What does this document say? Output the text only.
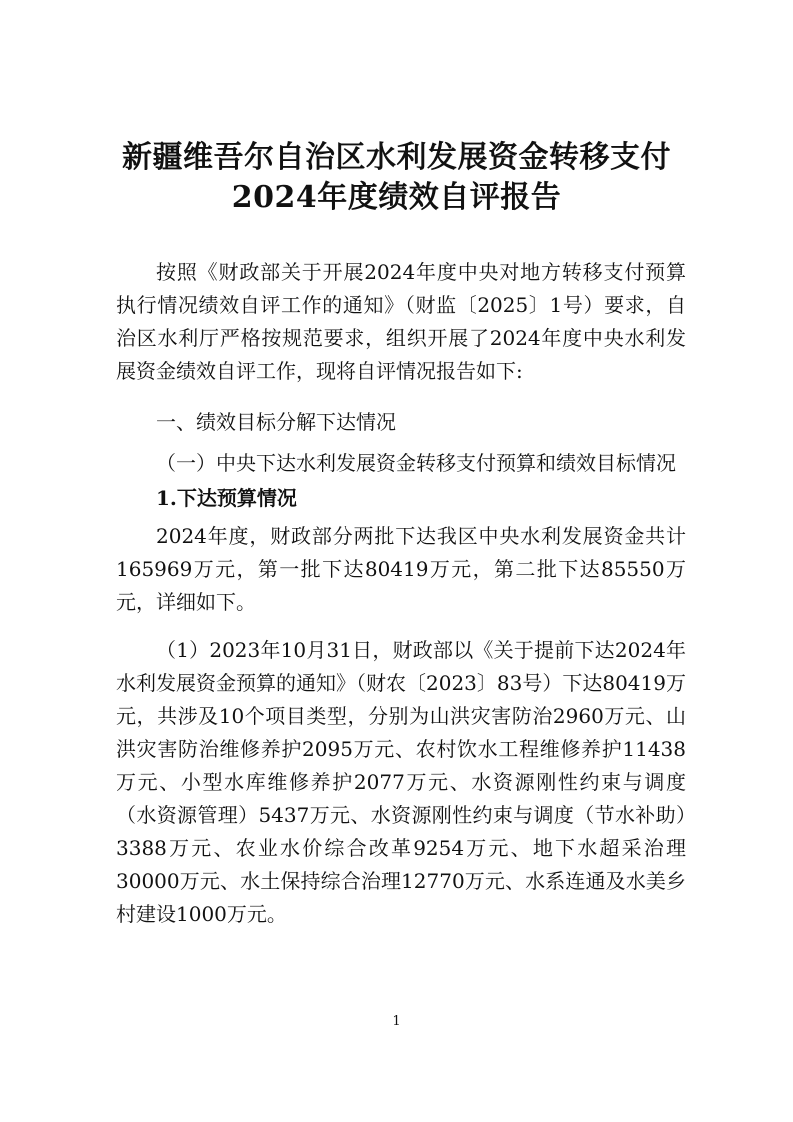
新疆维吾尔自治区水利发展资金转移支付
2024年度绩效自评报告

按照《财政部关于开展2024年度中央对地方转移支付预算执行情况绩效自评工作的通知》（财监〔2025〕1号）要求，自治区水利厅严格按规范要求，组织开展了2024年度中央水利发展资金绩效自评工作，现将自评情况报告如下:

一、绩效目标分解下达情况

（一）中央下达水利发展资金转移支付预算和绩效目标情况

1.下达预算情况

2024年度，财政部分两批下达我区中央水利发展资金共计165969万元，第一批下达80419万元，第二批下达85550万元，详细如下。

（1）2023年10月31日，财政部以《关于提前下达2024年水利发展资金预算的通知》（财农〔2023〕83号）下达80419万元，共涉及10个项目类型，分别为山洪灾害防治2960万元、山洪灾害防治维修养护2095万元、农村饮水工程维修养护11438万元、小型水库维修养护2077万元、水资源刚性约束与调度（水资源管理）5437万元、水资源刚性约束与调度（节水补助）3388万元、农业水价综合改革9254万元、地下水超采治理30000万元、水土保持综合治理12770万元、水系连通及水美乡村建设1000万元。

1
